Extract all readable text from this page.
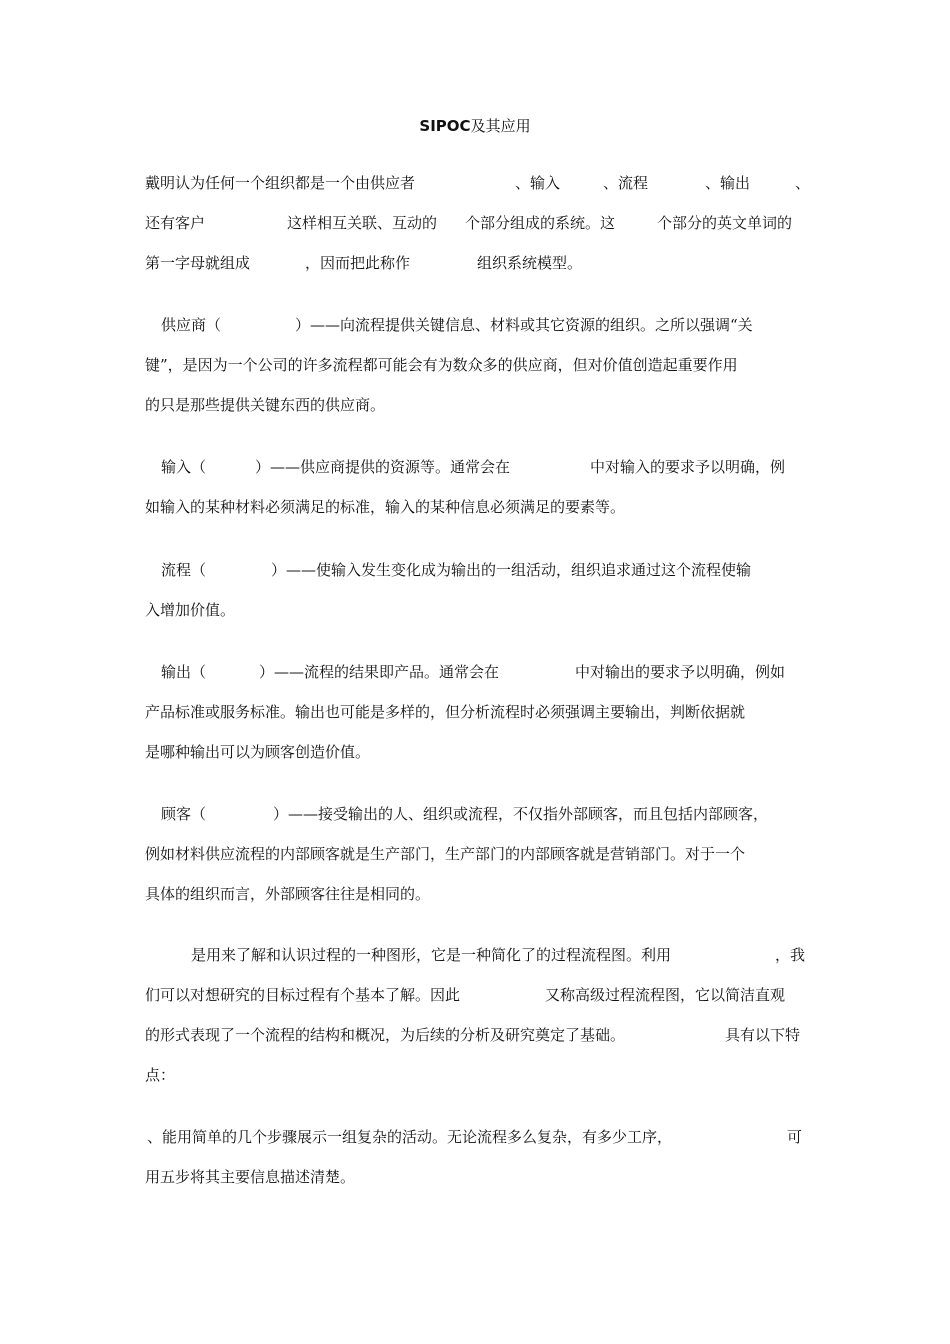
SIPOC及其应用
戴明认为任何一个组织都是一个由供应者	、输入	、流程	、输出	、
还有客户	这样相互关联、互动的 个部分组成的系统。这	个部分的英文单词的
第一字母就组成	，因而把此称作	组织系统模型。
供应商（	）——向流程提供关键信息、材料或其它资源的组织。之所以强调“关
键”，是因为一个公司的许多流程都可能会有为数众多的供应商，但对价值创造起重要作用
的只是那些提供关键东西的供应商。
输入（	）——供应商提供的资源等。通常会在	中对输入的要求予以明确，例
如输入的某种材料必须满足的标准，输入的某种信息必须满足的要素等。
流程（	）——使输入发生变化成为输出的一组活动，组织追求通过这个流程使输
入增加价值。
输出（	）——流程的结果即产品。通常会在	中对输出的要求予以明确，例如
产品标准或服务标准。输出也可能是多样的，但分析流程时必须强调主要输出，判断依据就
是哪种输出可以为顾客创造价值。
顾客（	）——接受输出的人、组织或流程，不仅指外部顾客，而且包括内部顾客，
例如材料供应流程的内部顾客就是生产部门，生产部门的内部顾客就是营销部门。对于一个
具体的组织而言，外部顾客往往是相同的。
是用来了解和认识过程的一种图形，它是一种简化了的过程流程图。利用	，我
们可以对想研究的目标过程有个基本了解。因此	又称高级过程流程图，它以简洁直观
的形式表现了一个流程的结构和概况，为后续的分析及研究奠定了基础。	具有以下特
点：
、能用简单的几个步骤展示一组复杂的活动。无论流程多么复杂，有多少工序，	可
用五步将其主要信息描述清楚。
